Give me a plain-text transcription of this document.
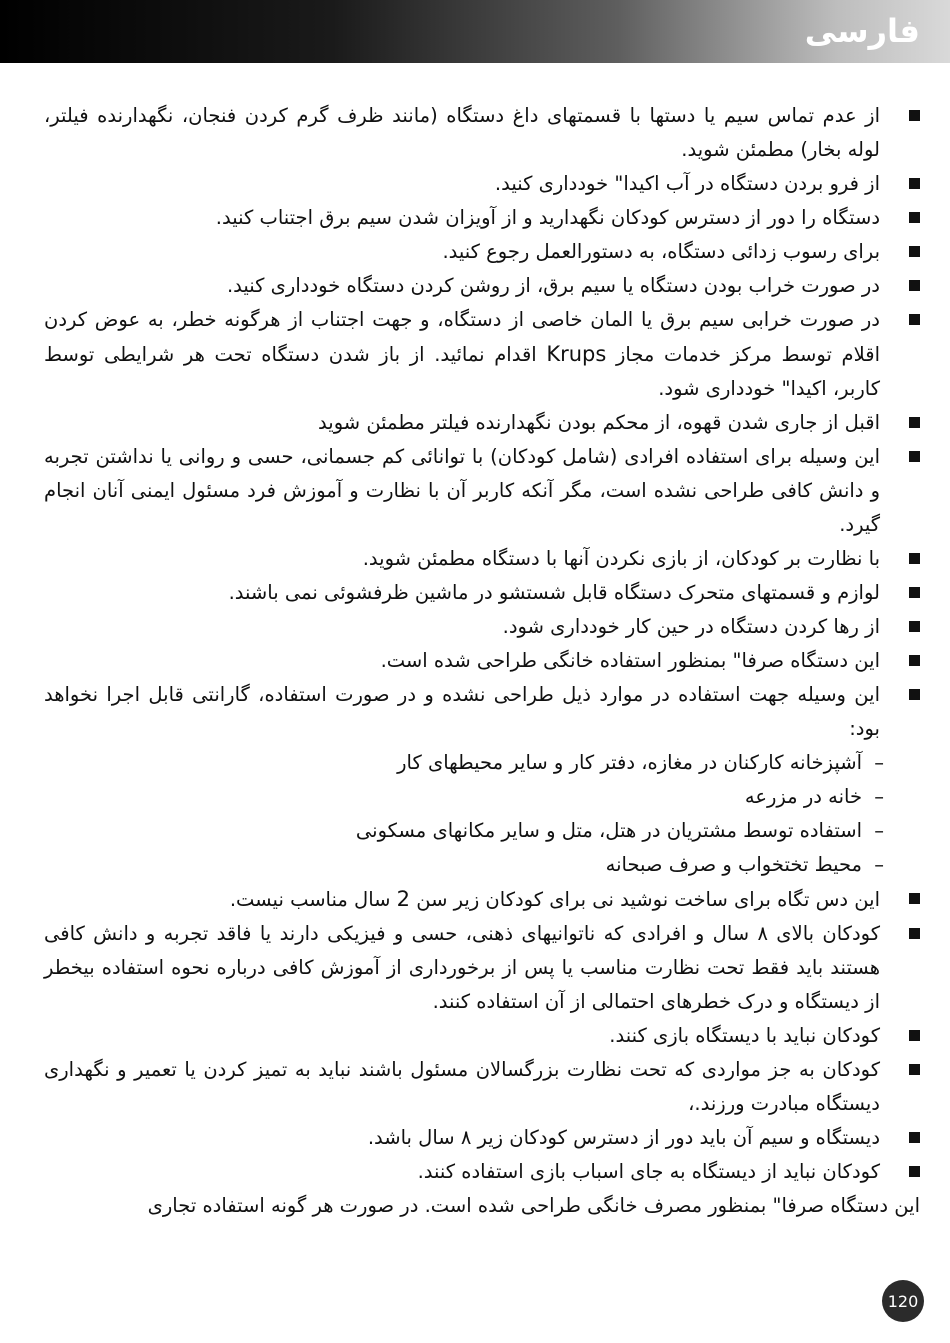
فارسی

از عدم تماس سیم یا دستها با قسمتهای داغ دستگاه (مانند ظرف گرم کردن فنجان، نگهدارنده فیلتر، لوله بخار) مطمئن شوید.

از فرو بردن دستگاه در آب اکیدا" خودداری کنید.

دستگاه را دور از دسترس کودکان نگهدارید و از آویزان شدن سیم برق اجتناب کنید.

برای رسوب زدائی دستگاه، به دستورالعمل رجوع کنید.

در صورت خراب بودن دستگاه یا سیم برق، از روشن کردن دستگاه خودداری کنید.

در صورت خرابی سیم برق یا المان خاصی از دستگاه، و جهت اجتناب از هرگونه خطر، به عوض کردن اقلام توسط مرکز خدمات مجاز Krups اقدام نمائید. از باز شدن دستگاه تحت هر شرایطی توسط کاربر، اکیدا" خودداری شود.

اقبل از جاری شدن قهوه، از محکم بودن نگهدارنده فیلتر مطمئن شوید

این وسیله برای استفاده افرادی (شامل کودکان) با توانائی کم جسمانی، حسی و روانی یا نداشتن تجربه و دانش کافی طراحی نشده است، مگر آنکه کاربر آن با نظارت و آموزش فرد مسئول ایمنی آنان انجام گیرد.

با نظارت بر کودکان، از بازی نکردن آنها با دستگاه مطمئن شوید.

لوازم و قسمتهای متحرک دستگاه قابل شستشو در ماشین ظرفشوئی نمی باشند.

از رها کردن دستگاه در حین کار خودداری شود.

این دستگاه صرفا" بمنظور استفاده خانگی طراحی شده است.

این وسیله جهت استفاده در موارد ذیل طراحی نشده و در صورت استفاده، گارانتی قابل اجرا نخواهد بود:

– آشپزخانه کارکنان در مغازه، دفتر کار و سایر محیطهای کار

– خانه در مزرعه

– استفاده توسط مشتریان در هتل، متل و سایر مکانهای مسکونی

– محیط تختخواب و صرف صبحانه

این دس تگاه برای ساخت نوشید نی برای کودکان زیر سن 2 سال مناسب نیست.

کودکان بالای ۸ سال و افرادی که ناتوانیهای ذهنی، حسی و فیزیکی دارند یا فاقد تجربه و دانش کافی هستند باید فقط تحت نظارت مناسب یا پس از برخورداری از آموزش کافی درباره نحوه استفاده بیخطر از دیستگاه و درک خطرهای احتمالی از آن استفاده کنند.

کودکان نباید با دیستگاه بازی کنند.

کودکان به جز مواردی که تحت نظارت بزرگسالان مسئول باشند نباید به تمیز کردن یا تعمیر و نگهداری دیستگاه مبادرت ورزند.،

دیستگاه و سیم آن باید دور از دسترس کودکان زیر ۸ سال باشد.

کودکان نباید از دیستگاه به جای اسباب بازی استفاده کنند.

این دستگاه صرفا" بمنظور مصرف خانگی طراحی شده است. در صورت هر گونه استفاده تجاری

120
